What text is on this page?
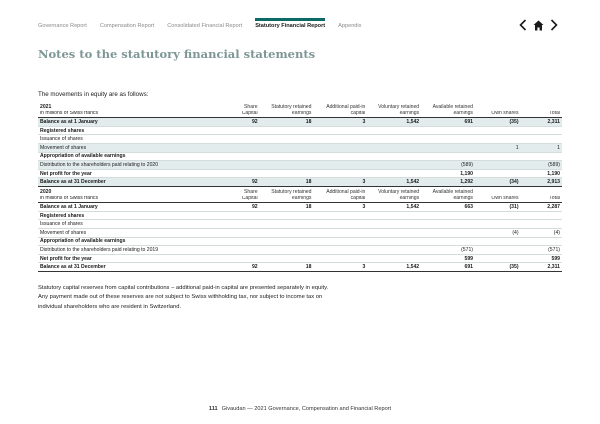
Governance Report Compensation Report Consolidated Financial Report Statutory Financial Report Appendix
Notes to the statutory financial statements

The movements in equity are as follows:

2021	Share	Statutory retained	Additional paid-in	Voluntary retained	Available retained		
in millions of Swiss francs	Capital	earnings	capital	earnings	earnings	Own shares	Total
Balance as at 1 January	92	18	3	1,542	691	(35)	2,311
Registered shares							
Issuance of shares							
Movement of shares						1	1
Appropriation of available earnings							
Distribution to the shareholders paid relating to 2020					(589)		(589)
Net profit for the year					1,190		1,190
Balance as at 31 December	92	18	3	1,542	1,292	(34)	2,913
2020	Share	Statutory retained	Additional paid-in	Voluntary retained	Available retained		
in millions of Swiss francs	Capital	earnings	capital	earnings	earnings	Own shares	Total
Balance as at 1 January	92	18	3	1,542	663	(31)	2,287
Registered shares							
Issuance of shares							
Movement of shares						(4)	(4)
Appropriation of available earnings							
Distribution to the shareholders paid relating to 2019					(571)		(571)
Net profit for the year					599		599
Balance as at 31 December	92	18	3	1,542	691	(35)	2,311

Statutory capital reserves from capital contributions – additional paid-in capital are presented separately in equity. Any payment made out of these reserves are not subject to Swiss withholding tax, nor subject to income tax on individual shareholders who are resident in Switzerland.

111 Givaudan — 2021 Governance, Compensation and Financial Report
